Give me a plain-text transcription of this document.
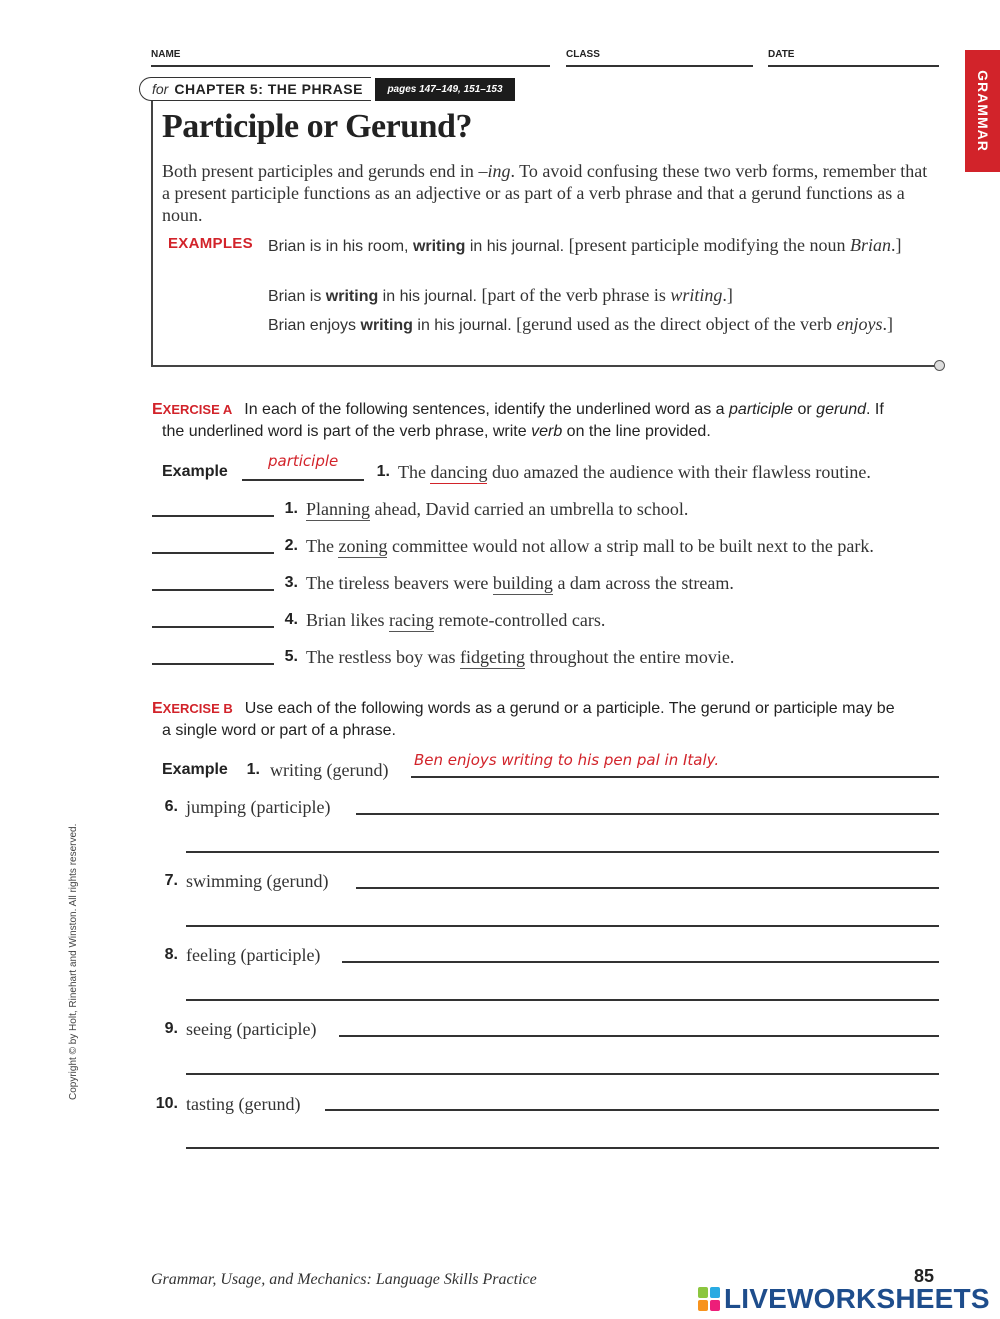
NAME	CLASS	DATE
GRAMMAR
for CHAPTER 5: THE PHRASE	pages 147–149, 151–153
Participle or Gerund?
Both present participles and gerunds end in –ing. To avoid confusing these two verb forms, remember that a present participle functions as an adjective or as part of a verb phrase and that a gerund functions as a noun.
EXAMPLES Brian is in his room, writing in his journal. [present participle modifying the noun Brian.]
Brian is writing in his journal. [part of the verb phrase is writing.]
Brian enjoys writing in his journal. [gerund used as the direct object of the verb enjoys.]
EXERCISE A In each of the following sentences, identify the underlined word as a participle or gerund. If
the underlined word is part of the verb phrase, write verb on the line provided.
Example
participle
1. The dancing duo amazed the audience with their flawless routine.
1. Planning ahead, David carried an umbrella to school.
2. The zoning committee would not allow a strip mall to be built next to the park.
3. The tireless beavers were building a dam across the stream.
4. Brian likes racing remote-controlled cars.
5. The restless boy was fidgeting throughout the entire movie.
EXERCISE B Use each of the following words as a gerund or a participle. The gerund or participle may be
a single word or part of a phrase.
Example	1. writing (gerund) Ben enjoys writing to his pen pal in Italy.
6. jumping (participle)
7. swimming (gerund)
8. feeling (participle)
9. seeing (participle)
10. tasting (gerund)
Copyright © by Holt, Rinehart and Winston. All rights reserved.
Grammar, Usage, and Mechanics: Language Skills Practice	85
LIVEWORKSHEETS
